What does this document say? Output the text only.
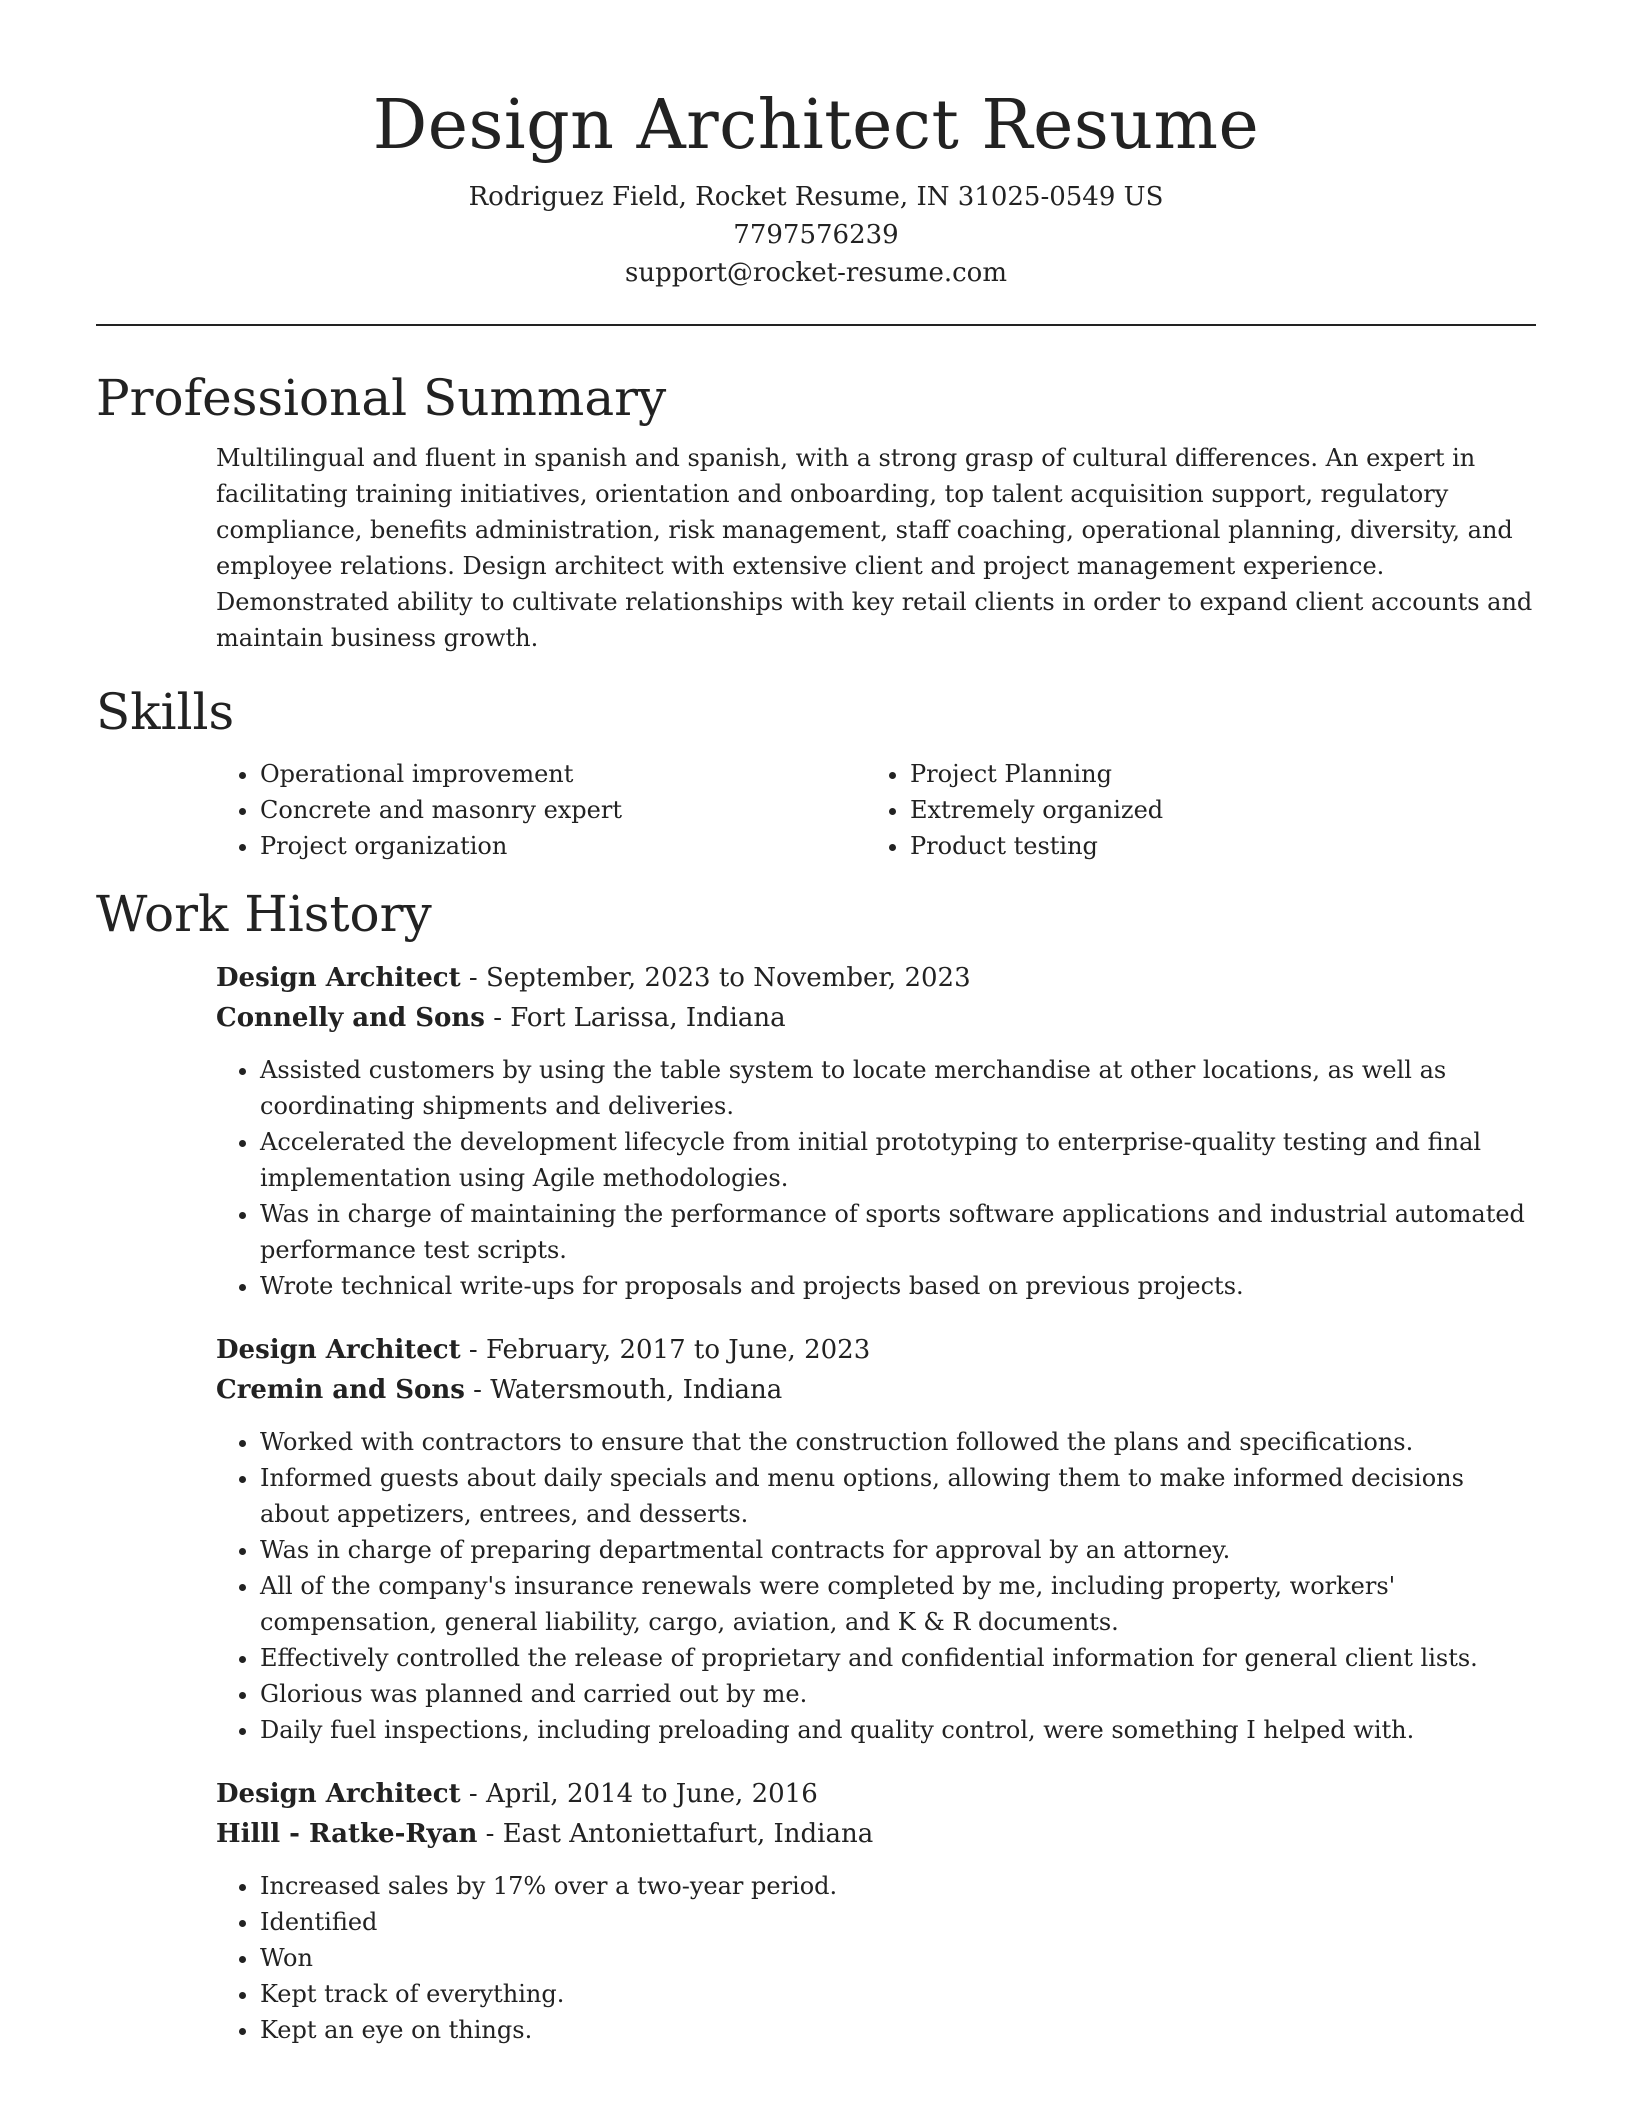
Design Architect Resume
Rodriguez Field, Rocket Resume, IN 31025-0549 US
7797576239
support@rocket-resume.com
Professional Summary

Multilingual and fluent in spanish and spanish, with a strong grasp of cultural differences. An expert in facilitating training initiatives, orientation and onboarding, top talent acquisition support, regulatory compliance, benefits administration, risk management, staff coaching, operational planning, diversity, and employee relations. Design architect with extensive client and project management experience. Demonstrated ability to cultivate relationships with key retail clients in order to expand client accounts and maintain business growth.

Skills
• Operational improvement
• Concrete and masonry expert
• Project organization
• Project Planning
• Extremely organized
• Product testing
Work History
Design Architect - September, 2023 to November, 2023
Connelly and Sons - Fort Larissa, Indiana
• Assisted customers by using the table system to locate merchandise at other locations, as well as coordinating shipments and deliveries.
• Accelerated the development lifecycle from initial prototyping to enterprise-quality testing and final implementation using Agile methodologies.
• Was in charge of maintaining the performance of sports software applications and industrial automated performance test scripts.
• Wrote technical write-ups for proposals and projects based on previous projects.
Design Architect - February, 2017 to June, 2023
Cremin and Sons - Watersmouth, Indiana
• Worked with contractors to ensure that the construction followed the plans and specifications.
• Informed guests about daily specials and menu options, allowing them to make informed decisions about appetizers, entrees, and desserts.
• Was in charge of preparing departmental contracts for approval by an attorney.
• All of the company's insurance renewals were completed by me, including property, workers' compensation, general liability, cargo, aviation, and K & R documents.
• Effectively controlled the release of proprietary and confidential information for general client lists.
• Glorious was planned and carried out by me.
• Daily fuel inspections, including preloading and quality control, were something I helped with.
Design Architect - April, 2014 to June, 2016
Hilll - Ratke-Ryan - East Antoniettafurt, Indiana
• Increased sales by 17% over a two-year period.
• Identified
• Won
• Kept track of everything.
• Kept an eye on things.
